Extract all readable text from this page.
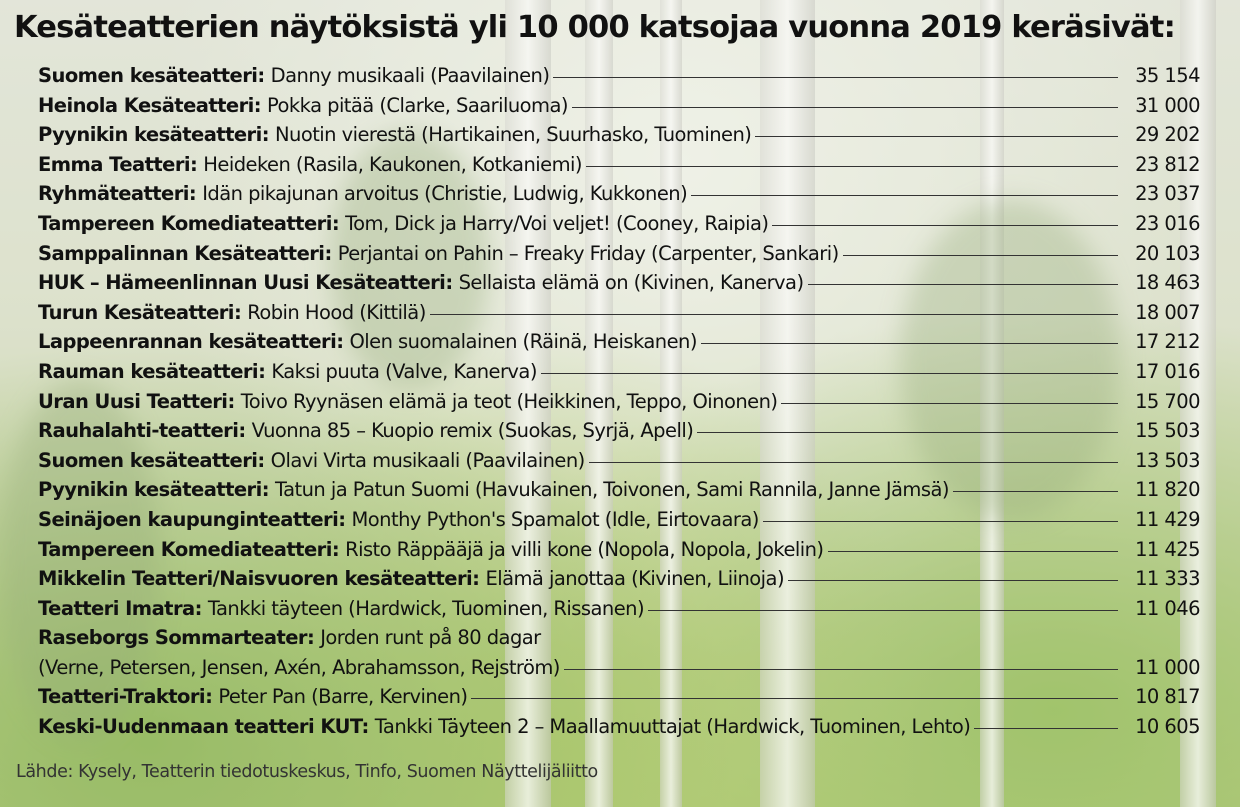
Kesäteatterien näytöksistä yli 10 000 katsojaa vuonna 2019 keräsivät:
Suomen kesäteatteri: Danny musikaali (Paavilainen)	35 154
Heinola Kesäteatteri: Pokka pitää (Clarke, Saariluoma)	31 000
Pyynikin kesäteatteri: Nuotin vierestä (Hartikainen, Suurhasko, Tuominen)	29 202
Emma Teatteri: Heideken (Rasila, Kaukonen, Kotkaniemi)	23 812
Ryhmäteatteri: Idän pikajunan arvoitus (Christie, Ludwig, Kukkonen)	23 037
Tampereen Komediateatteri: Tom, Dick ja Harry/Voi veljet! (Cooney, Raipia)	23 016
Samppalinnan Kesäteatteri: Perjantai on Pahin – Freaky Friday (Carpenter, Sankari)	20 103
HUK – Hämeenlinnan Uusi Kesäteatteri: Sellaista elämä on (Kivinen, Kanerva)	18 463
Turun Kesäteatteri: Robin Hood (Kittilä)	18 007
Lappeenrannan kesäteatteri: Olen suomalainen (Räinä, Heiskanen)	17 212
Rauman kesäteatteri: Kaksi puuta (Valve, Kanerva)	17 016
Uran Uusi Teatteri: Toivo Ryynäsen elämä ja teot (Heikkinen, Teppo, Oinonen)	15 700
Rauhalahti-teatteri: Vuonna 85 – Kuopio remix (Suokas, Syrjä, Apell)	15 503
Suomen kesäteatteri: Olavi Virta musikaali (Paavilainen)	13 503
Pyynikin kesäteatteri: Tatun ja Patun Suomi (Havukainen, Toivonen, Sami Rannila, Janne Jämsä)	11 820
Seinäjoen kaupunginteatteri: Monthy Python's Spamalot (Idle, Eirtovaara)	11 429
Tampereen Komediateatteri: Risto Räppääjä ja villi kone (Nopola, Nopola, Jokelin)	11 425
Mikkelin Teatteri/Naisvuoren kesäteatteri: Elämä janottaa (Kivinen, Liinoja)	11 333
Teatteri Imatra: Tankki täyteen (Hardwick, Tuominen, Rissanen)	11 046
Raseborgs Sommarteater: Jorden runt på 80 dagar
(Verne, Petersen, Jensen, Axén, Abrahamsson, Rejström)	11 000
Teatteri-Traktori: Peter Pan (Barre, Kervinen)	10 817
Keski-Uudenmaan teatteri KUT: Tankki Täyteen 2 – Maallamuuttajat (Hardwick, Tuominen, Lehto)	10 605
Lähde: Kysely, Teatterin tiedotuskeskus, Tinfo, Suomen Näyttelijäliitto
